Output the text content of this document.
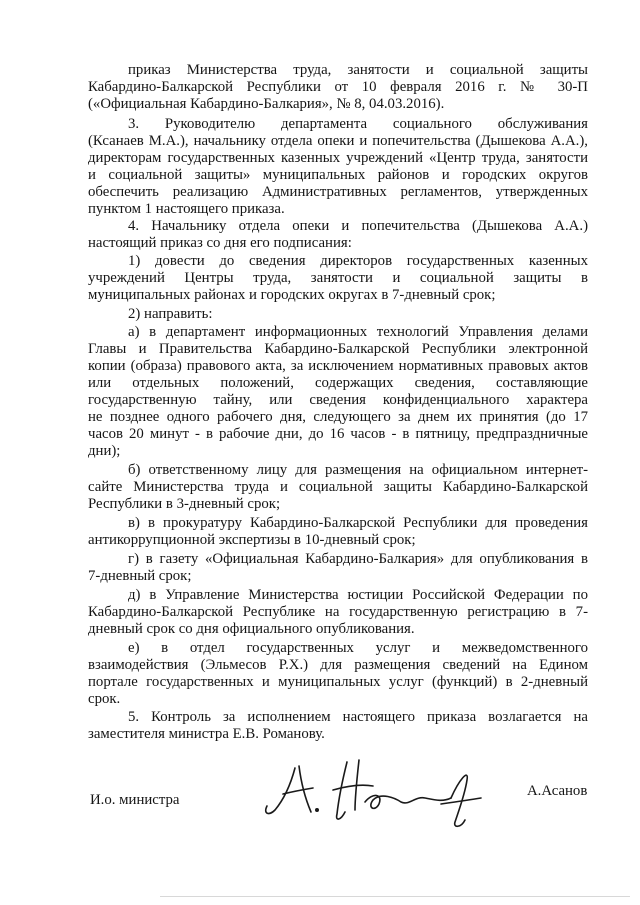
приказ Министерства труда, занятости и социальной защиты
Кабардино-Балкарской Республики от 10 февраля 2016 г. № 30-П
(«Официальная Кабардино-Балкария», № 8, 04.03.2016).
3. Руководителю департамента социального обслуживания
(Ксанаев М.А.), начальнику отдела опеки и попечительства (Дышекова А.А.),
директорам государственных казенных учреждений «Центр труда, занятости
и социальной защиты» муниципальных районов и городских округов
обеспечить реализацию Административных регламентов, утвержденных
пунктом 1 настоящего приказа.
4. Начальнику отдела опеки и попечительства (Дышекова А.А.)
настоящий приказ со дня его подписания:
1) довести до сведения директоров государственных казенных
учреждений Центры труда, занятости и социальной защиты в
муниципальных районах и городских округах в 7-дневный срок;
2) направить:
а) в департамент информационных технологий Управления делами
Главы и Правительства Кабардино-Балкарской Республики электронной
копии (образа) правового акта, за исключением нормативных правовых актов
или отдельных положений, содержащих сведения, составляющие
государственную тайну, или сведения конфиденциального характера
не позднее одного рабочего дня, следующего за днем их принятия (до 17
часов 20 минут - в рабочие дни, до 16 часов - в пятницу, предпраздничные
дни);
б) ответственному лицу для размещения на официальном интернет-
сайте Министерства труда и социальной защиты Кабардино-Балкарской
Республики в 3-дневный срок;
в) в прокуратуру Кабардино-Балкарской Республики для проведения
антикоррупционной экспертизы в 10-дневный срок;
г) в газету «Официальная Кабардино-Балкария» для опубликования в
7-дневный срок;
д) в Управление Министерства юстиции Российской Федерации по
Кабардино-Балкарской Республике на государственную регистрацию в 7-
дневный срок со дня официального опубликования.
е) в отдел государственных услуг и межведомственного
взаимодействия (Эльмесов Р.Х.) для размещения сведений на Едином
портале государственных и муниципальных услуг (функций) в 2-дневный
срок.
5. Контроль за исполнением настоящего приказа возлагается на
заместителя министра Е.В. Романову.
И.о. министра
А.Асанов
